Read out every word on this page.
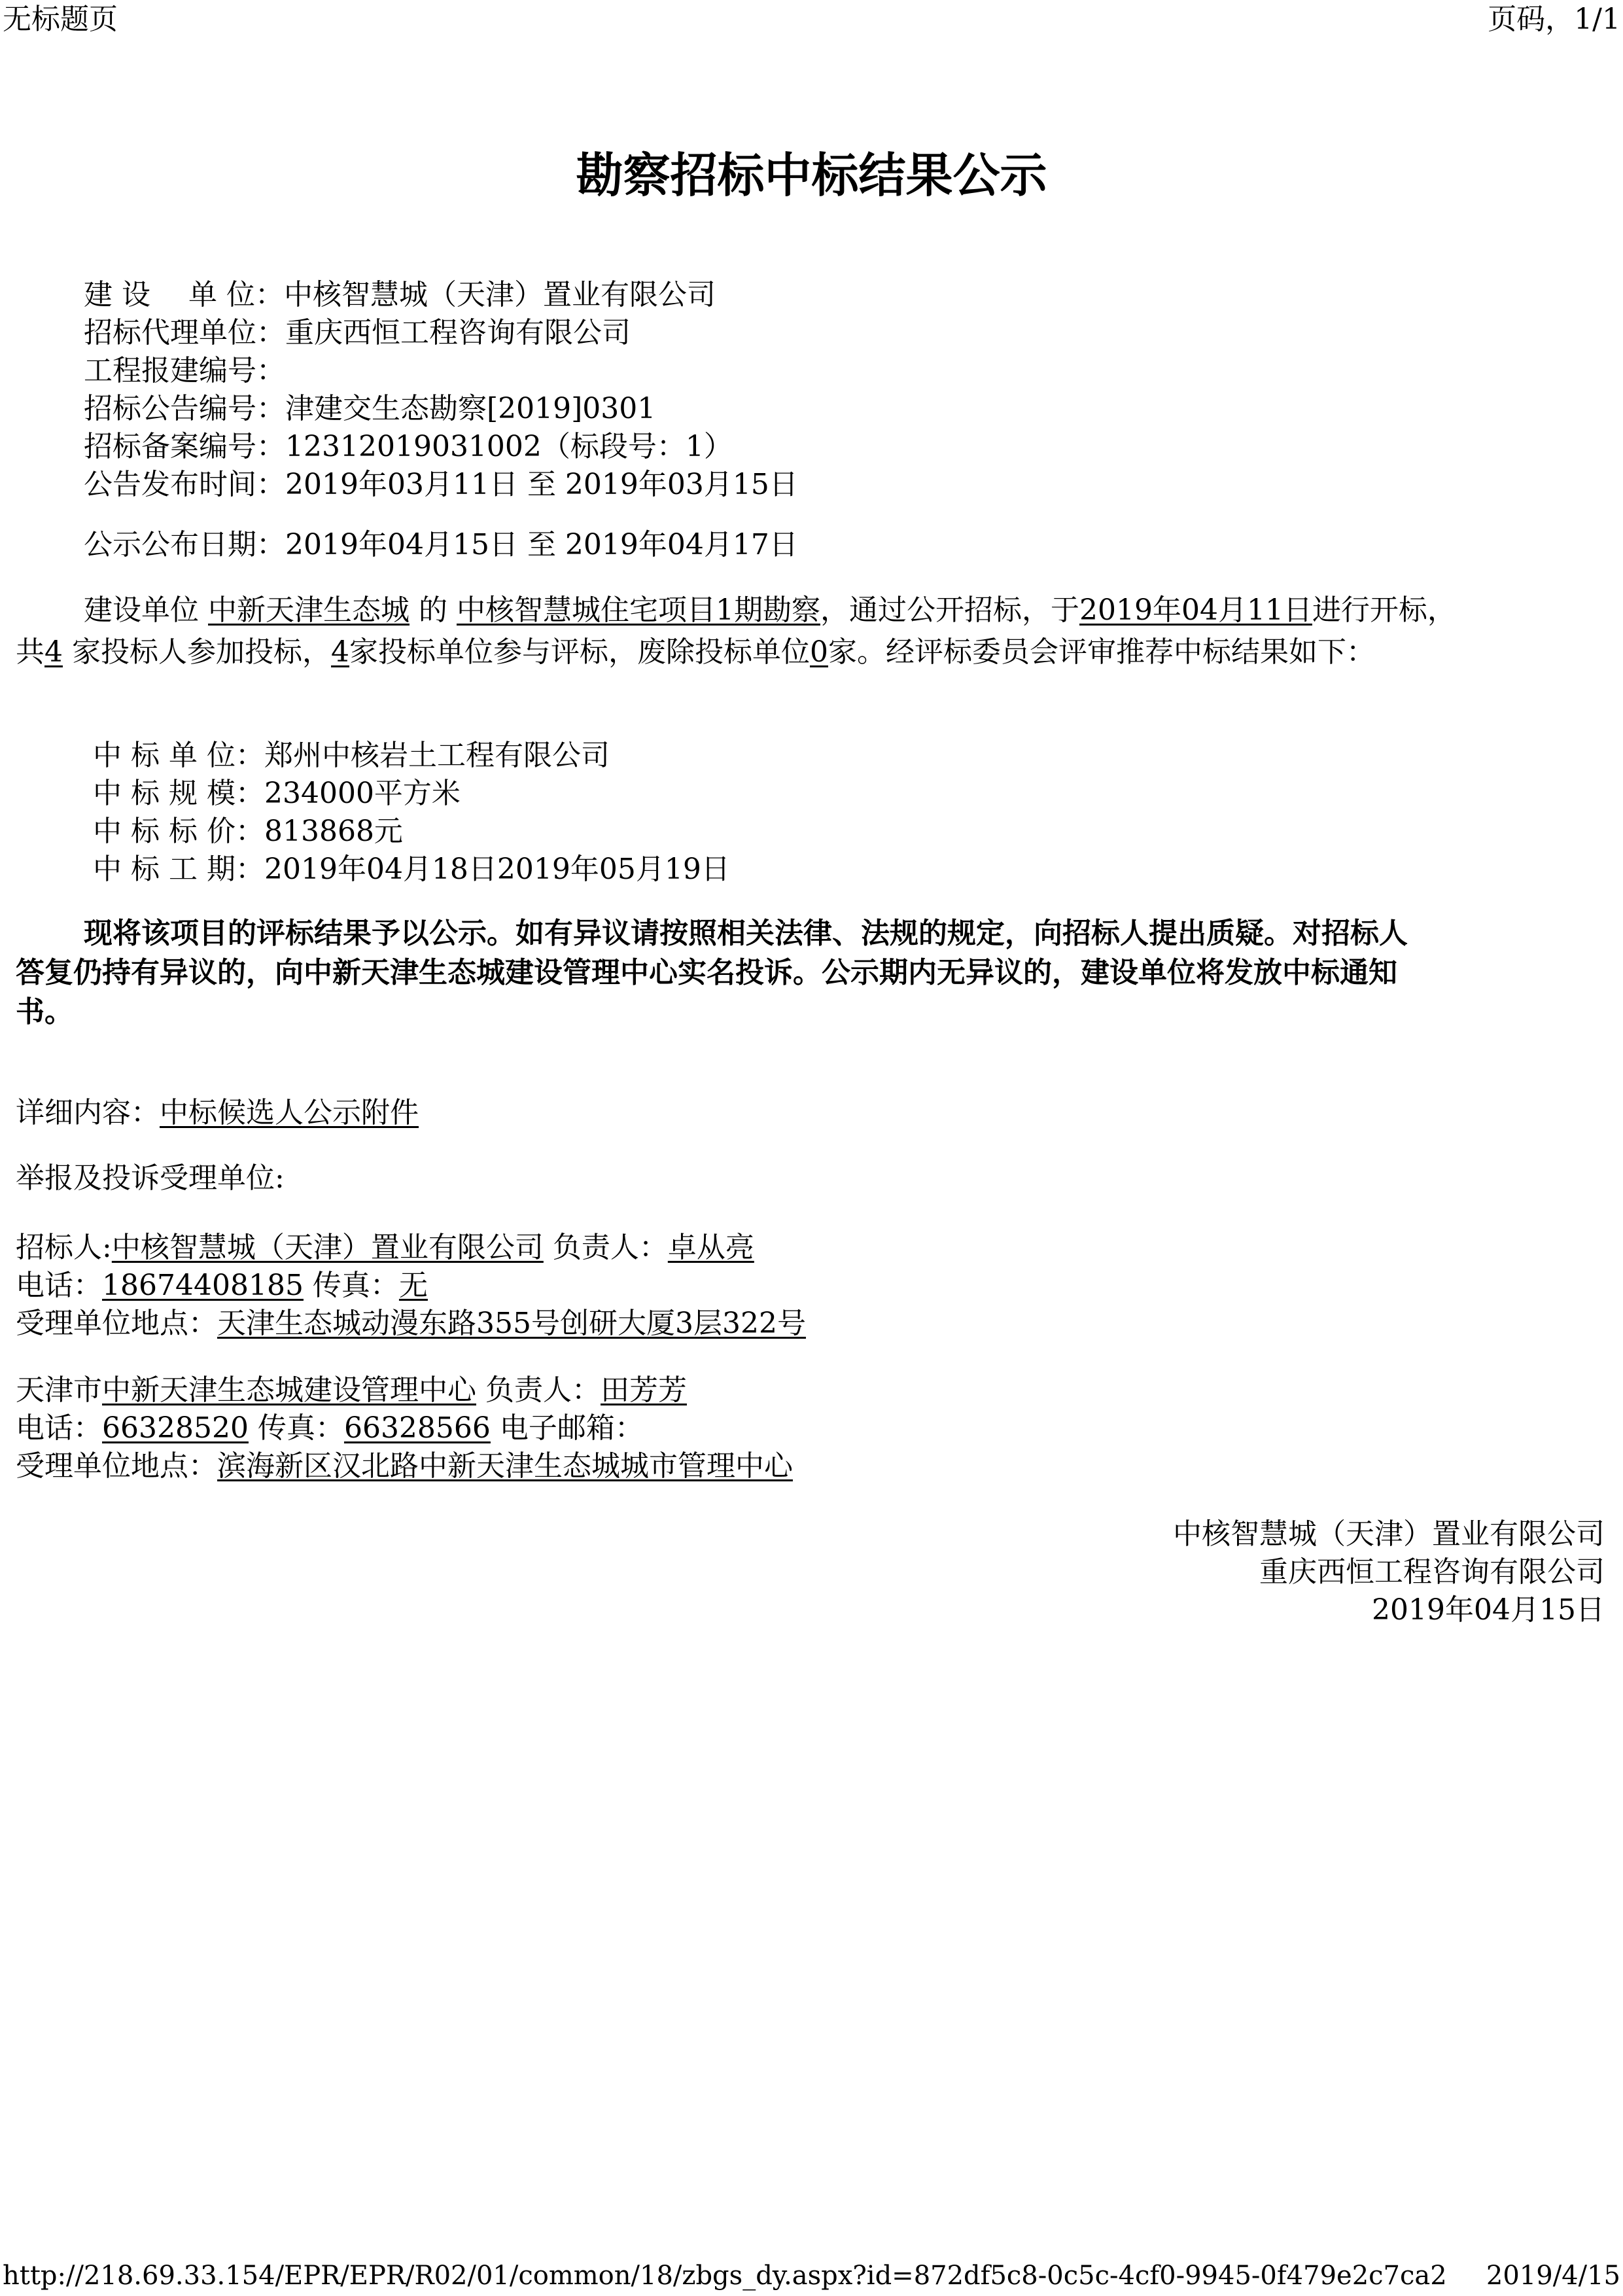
无标题页	页码，1/1
勘察招标中标结果公示
建 设　 单 位：中核智慧城（天津）置业有限公司
招标代理单位：重庆西恒工程咨询有限公司
工程报建编号：
招标公告编号：津建交生态勘察[2019]0301
招标备案编号：12312019031002（标段号：1）
公告发布时间：2019年03月11日 至 2019年03月15日
公示公布日期：2019年04月15日 至 2019年04月17日
建设单位 中新天津生态城 的 中核智慧城住宅项目1期勘察，通过公开招标，于2019年04月11日进行开标，
共4 家投标人参加投标，4家投标单位参与评标，废除投标单位0家。经评标委员会评审推荐中标结果如下：
中 标 单 位：郑州中核岩土工程有限公司
中 标 规 模：234000平方米
中 标 标 价：813868元
中 标 工 期：2019年04月18日2019年05月19日
现将该项目的评标结果予以公示。如有异议请按照相关法律、法规的规定，向招标人提出质疑。对招标人
答复仍持有异议的，向中新天津生态城建设管理中心实名投诉。公示期内无异议的，建设单位将发放中标通知
书。
详细内容：中标候选人公示附件
举报及投诉受理单位:
招标人:中核智慧城（天津）置业有限公司 负责人：卓从亮
电话：18674408185 传真：无
受理单位地点：天津生态城动漫东路355号创研大厦3层322号
天津市中新天津生态城建设管理中心 负责人：田芳芳
电话：66328520 传真：66328566 电子邮箱：
受理单位地点：滨海新区汉北路中新天津生态城城市管理中心
中核智慧城（天津）置业有限公司
重庆西恒工程咨询有限公司
2019年04月15日
http://218.69.33.154/EPR/EPR/R02/01/common/18/zbgs_dy.aspx?id=872df5c8-0c5c-4cf0-9945-0f479e2c7ca2 2019/4/15
